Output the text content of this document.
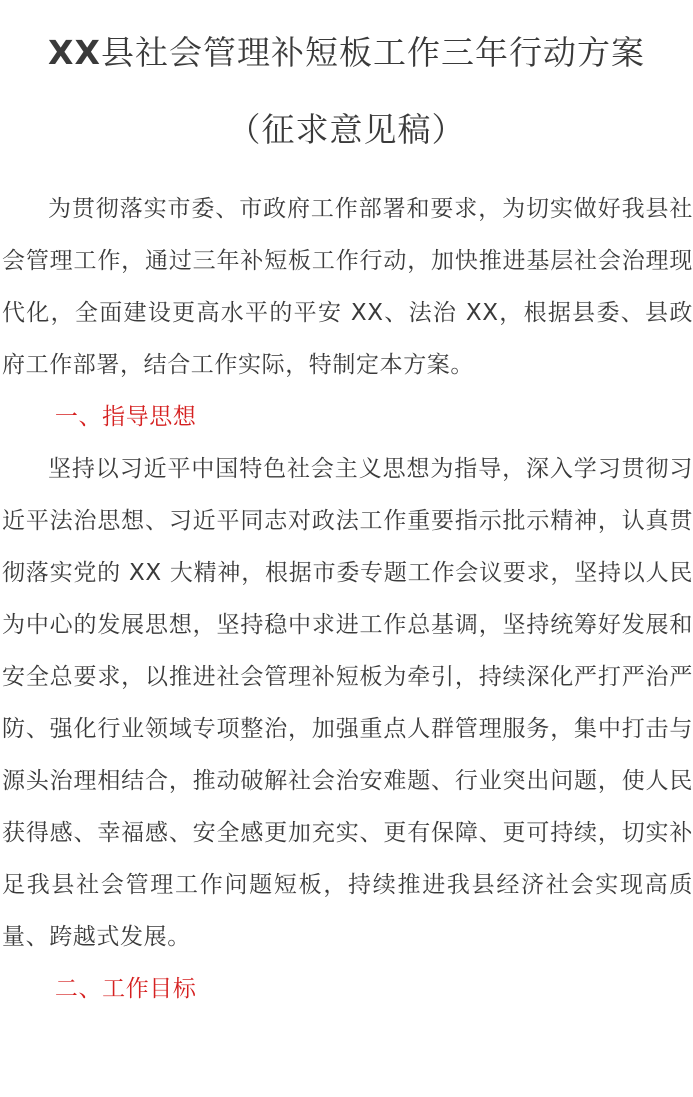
XX县社会管理补短板工作三年行动方案
（征求意见稿）

为贯彻落实市委、市政府工作部署和要求，为切实做好我县社会管理工作，通过三年补短板工作行动，加快推进基层社会治理现代化，全面建设更高水平的平安 XX、法治 XX，根据县委、县政府工作部署，结合工作实际，特制定本方案。

一、指导思想

坚持以习近平中国特色社会主义思想为指导，深入学习贯彻习近平法治思想、习近平同志对政法工作重要指示批示精神，认真贯彻落实党的 XX 大精神，根据市委专题工作会议要求，坚持以人民为中心的发展思想，坚持稳中求进工作总基调，坚持统筹好发展和安全总要求，以推进社会管理补短板为牵引，持续深化严打严治严防、强化行业领域专项整治，加强重点人群管理服务，集中打击与源头治理相结合，推动破解社会治安难题、行业突出问题，使人民获得感、幸福感、安全感更加充实、更有保障、更可持续，切实补足我县社会管理工作问题短板，持续推进我县经济社会实现高质量、跨越式发展。

二、工作目标
